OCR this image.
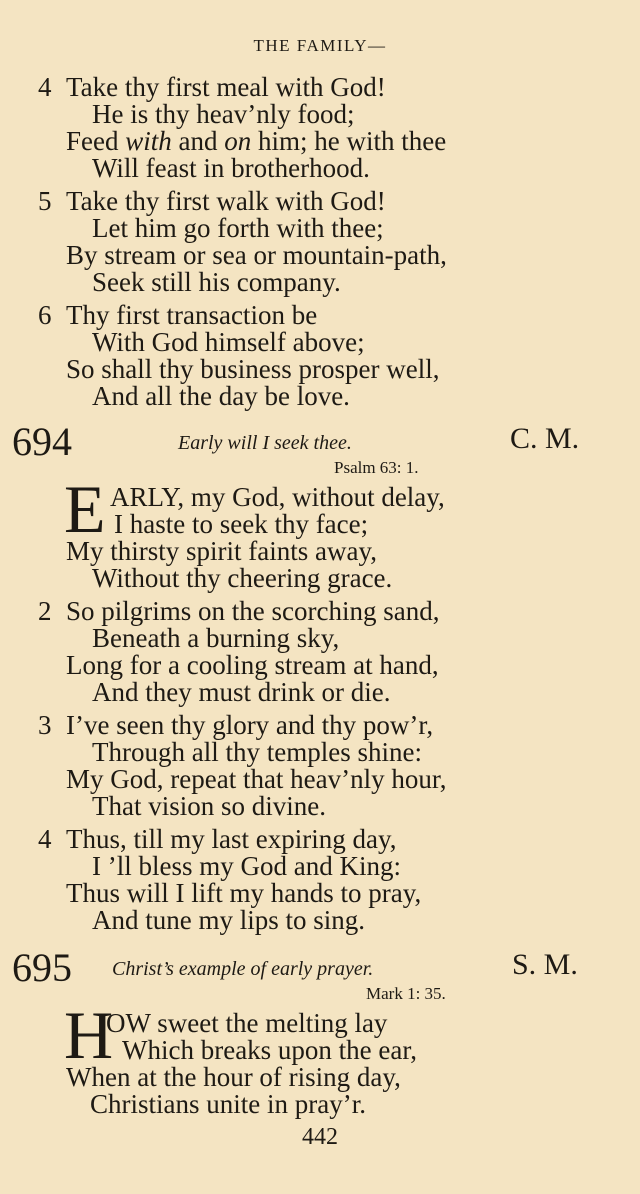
THE FAMILY—
4 Take thy first meal with God!
He is thy heav’nly food;
Feed with and on him; he with thee
Will feast in brotherhood.
5 Take thy first walk with God!
Let him go forth with thee;
By stream or sea or mountain-path,
Seek still his company.
6 Thy first transaction be
With God himself above;
So shall thy business prosper well,
And all the day be love.
694	Early will I seek thee.	C. M.
Psalm 63: 1.
E ARLY, my God, without delay,
I haste to seek thy face;
My thirsty spirit faints away,
Without thy cheering grace.
2 So pilgrims on the scorching sand,
Beneath a burning sky,
Long for a cooling stream at hand,
And they must drink or die.
3 I’ve seen thy glory and thy pow’r,
Through all thy temples shine:
My God, repeat that heav’nly hour,
That vision so divine.
4 Thus, till my last expiring day,
I ’ll bless my God and King:
Thus will I lift my hands to pray,
And tune my lips to sing.
695 Christ’s example of early prayer.	S. M.
Mark 1: 35.
H
OW sweet the melting lay
Which breaks upon the ear,
When at the hour of rising day,
Christians unite in pray’r.
442
